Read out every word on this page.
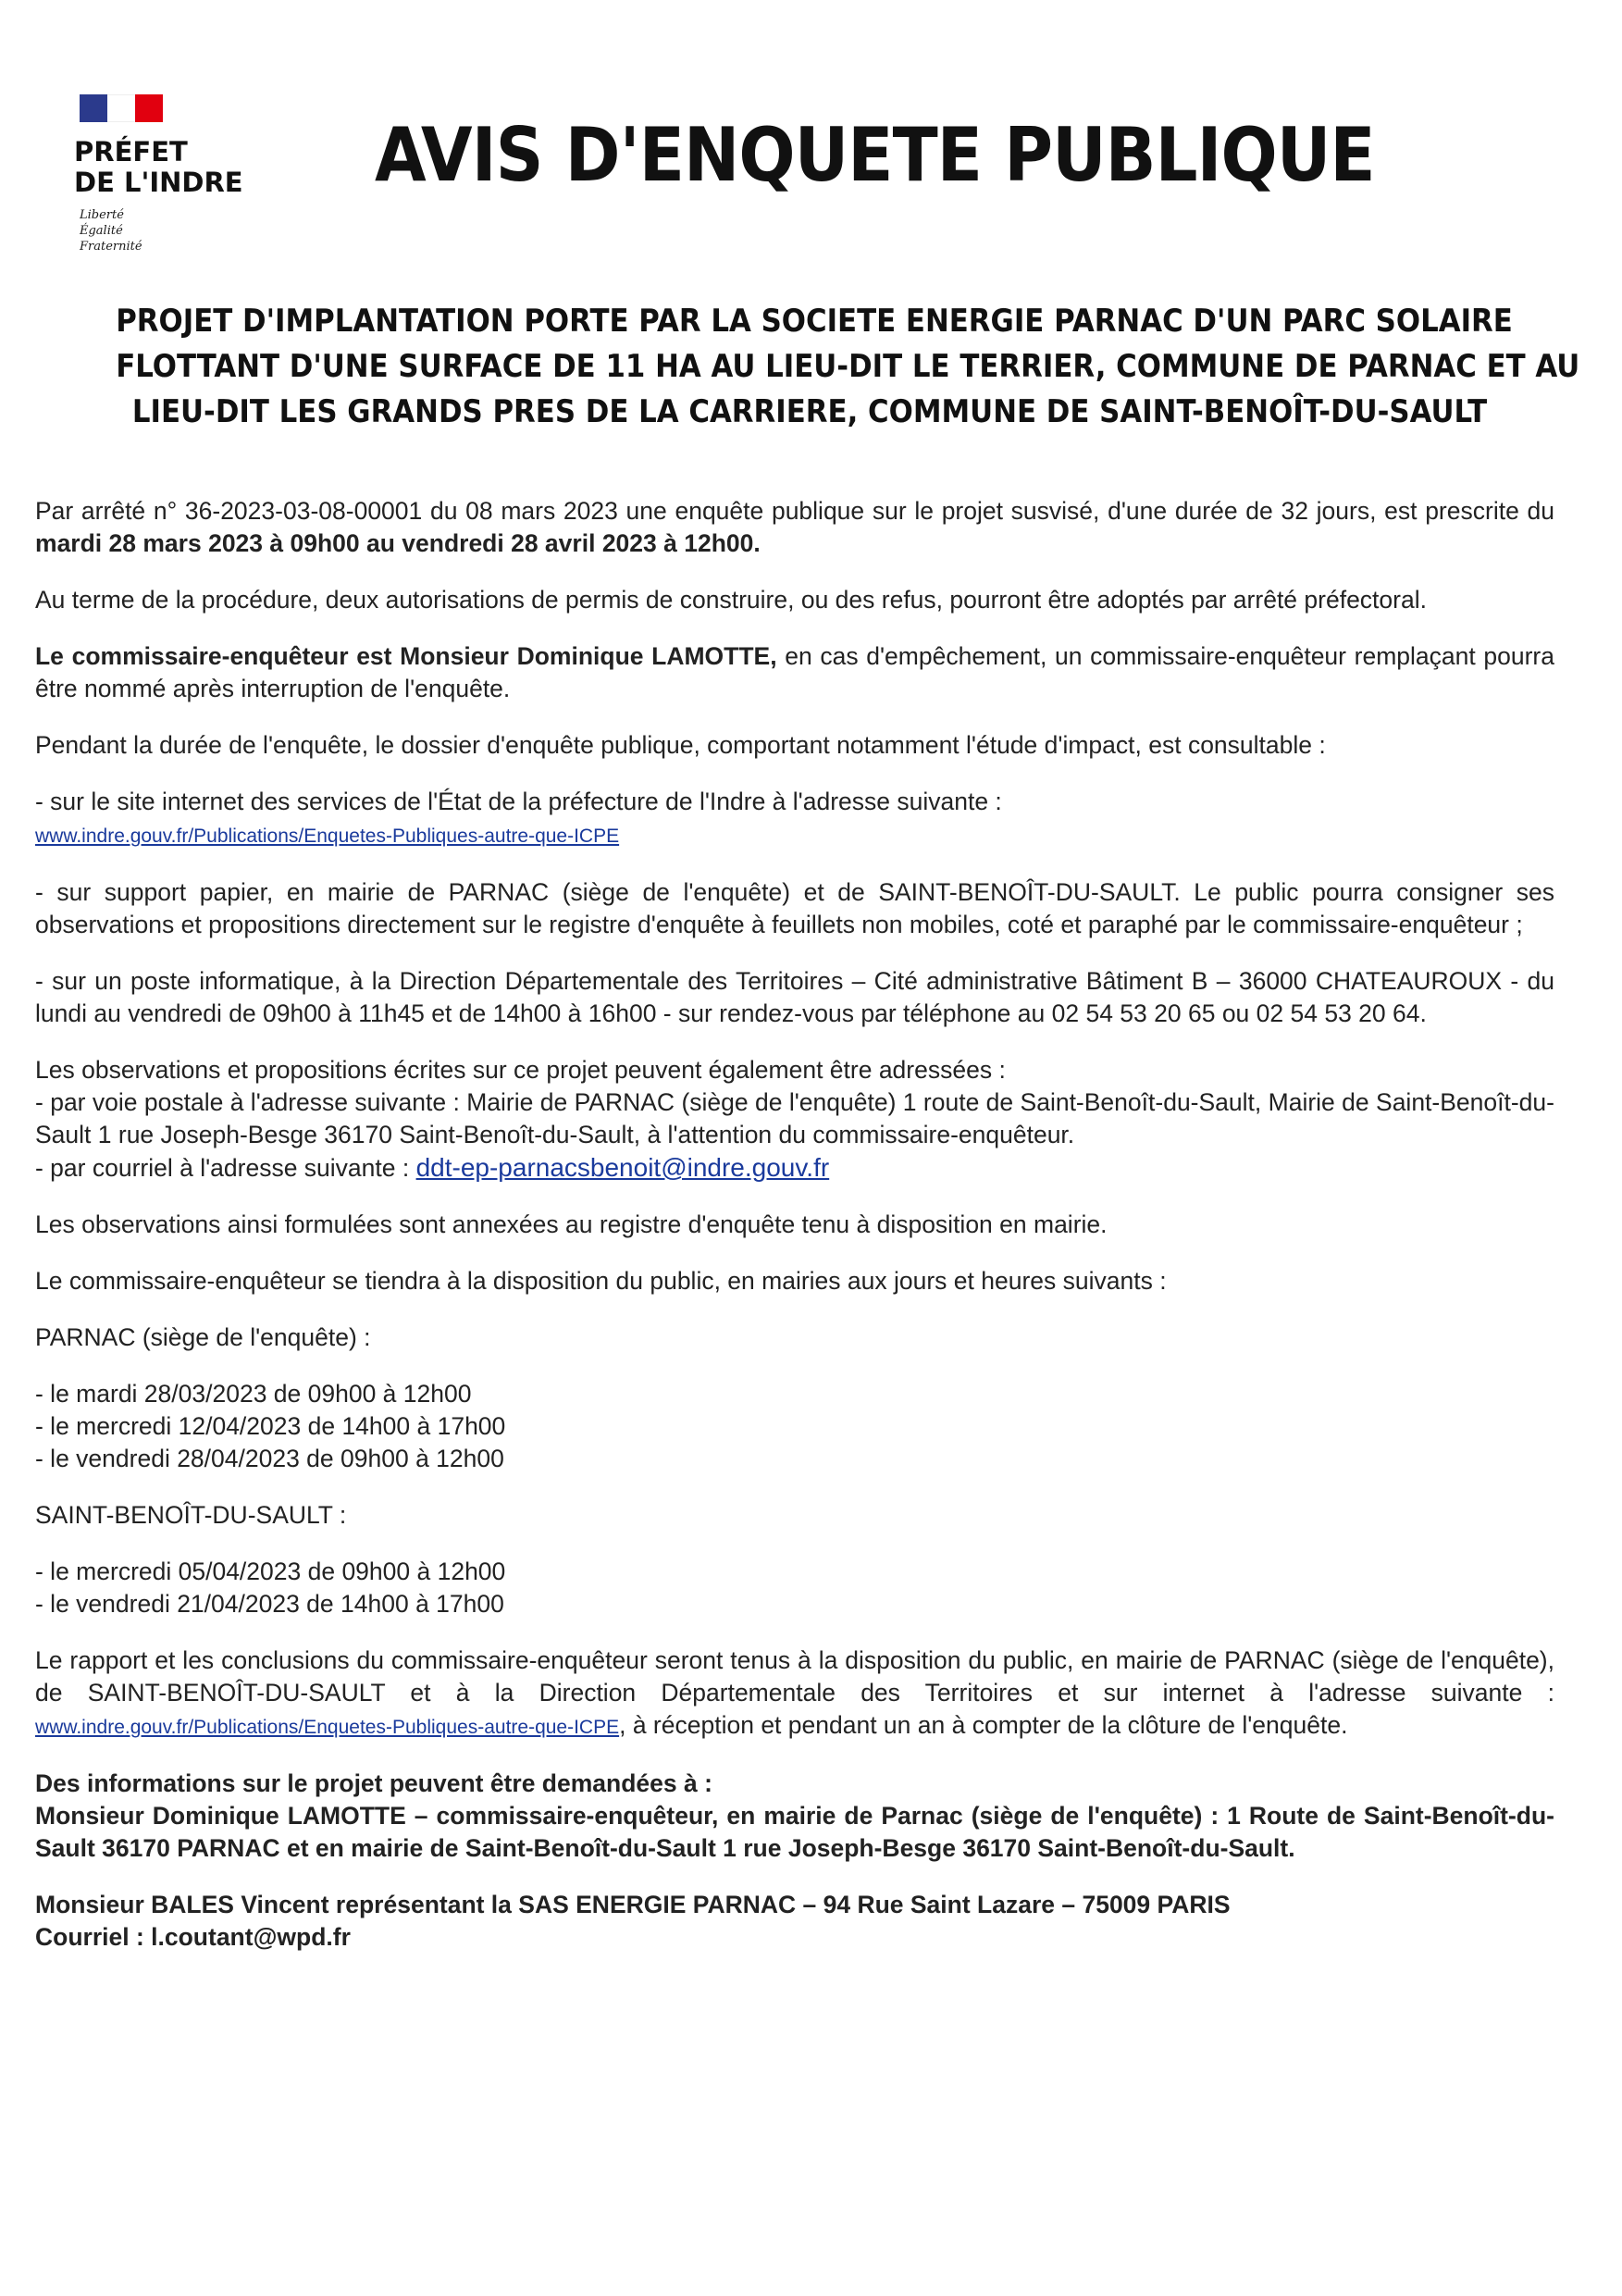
PRÉFET
DE L'INDRE
Liberté
Égalité
Fraternité
AVIS D'ENQUETE PUBLIQUE
PROJET D'IMPLANTATION PORTE PAR LA SOCIETE ENERGIE PARNAC D'UN PARC SOLAIRE
FLOTTANT D'UNE SURFACE DE 11 HA AU LIEU-DIT LE TERRIER, COMMUNE DE PARNAC ET AU
LIEU-DIT LES GRANDS PRES DE LA CARRIERE, COMMUNE DE SAINT-BENOÎT-DU-SAULT

Par arrêté n° 36-2023-03-08-00001 du 08 mars 2023 une enquête publique sur le projet susvisé, d'une durée de 32 jours, est prescrite du mardi 28 mars 2023 à 09h00 au vendredi 28 avril 2023 à 12h00.

Au terme de la procédure, deux autorisations de permis de construire, ou des refus, pourront être adoptés par arrêté préfectoral.

Le commissaire-enquêteur est Monsieur Dominique LAMOTTE, en cas d'empêchement, un commissaire-enquêteur remplaçant pourra être nommé après interruption de l'enquête.

Pendant la durée de l'enquête, le dossier d'enquête publique, comportant notamment l'étude d'impact, est consultable :

- sur le site internet des services de l'État de la préfecture de l'Indre à l'adresse suivante :
www.indre.gouv.fr/Publications/Enquetes-Publiques-autre-que-ICPE

- sur support papier, en mairie de PARNAC (siège de l'enquête) et de SAINT-BENOÎT-DU-SAULT. Le public pourra consigner ses observations et propositions directement sur le registre d'enquête à feuillets non mobiles, coté et paraphé par le commissaire-enquêteur ;

- sur un poste informatique, à la Direction Départementale des Territoires – Cité administrative Bâtiment B – 36000 CHATEAUROUX - du lundi au vendredi de 09h00 à 11h45 et de 14h00 à 16h00 - sur rendez-vous par téléphone au 02 54 53 20 65 ou 02 54 53 20 64.

Les observations et propositions écrites sur ce projet peuvent également être adressées :
- par voie postale à l'adresse suivante : Mairie de PARNAC (siège de l'enquête) 1 route de Saint-Benoît-du-Sault, Mairie de Saint-Benoît-du-Sault 1 rue Joseph-Besge 36170 Saint-Benoît-du-Sault, à l'attention du commissaire-enquêteur.
- par courriel à l'adresse suivante : ddt-ep-parnacsbenoit@indre.gouv.fr

Les observations ainsi formulées sont annexées au registre d'enquête tenu à disposition en mairie.

Le commissaire-enquêteur se tiendra à la disposition du public, en mairies aux jours et heures suivants :

PARNAC (siège de l'enquête) :

- le mardi 28/03/2023 de 09h00 à 12h00
- le mercredi 12/04/2023 de 14h00 à 17h00
- le vendredi 28/04/2023 de 09h00 à 12h00

SAINT-BENOÎT-DU-SAULT :

- le mercredi 05/04/2023 de 09h00 à 12h00
- le vendredi 21/04/2023 de 14h00 à 17h00

Le rapport et les conclusions du commissaire-enquêteur seront tenus à la disposition du public, en mairie de PARNAC (siège de l'enquête), de SAINT-BENOÎT-DU-SAULT et à la Direction Départementale des Territoires et sur internet à l'adresse suivante : www.indre.gouv.fr/Publications/Enquetes-Publiques-autre-que-ICPE, à réception et pendant un an à compter de la clôture de l'enquête.

Des informations sur le projet peuvent être demandées à :
Monsieur Dominique LAMOTTE – commissaire-enquêteur, en mairie de Parnac (siège de l'enquête) : 1 Route de Saint-Benoît-du-Sault 36170 PARNAC et en mairie de Saint-Benoît-du-Sault 1 rue Joseph-Besge 36170 Saint-Benoît-du-Sault.

Monsieur BALES Vincent représentant la SAS ENERGIE PARNAC – 94 Rue Saint Lazare – 75009 PARIS
Courriel : l.coutant@wpd.fr
